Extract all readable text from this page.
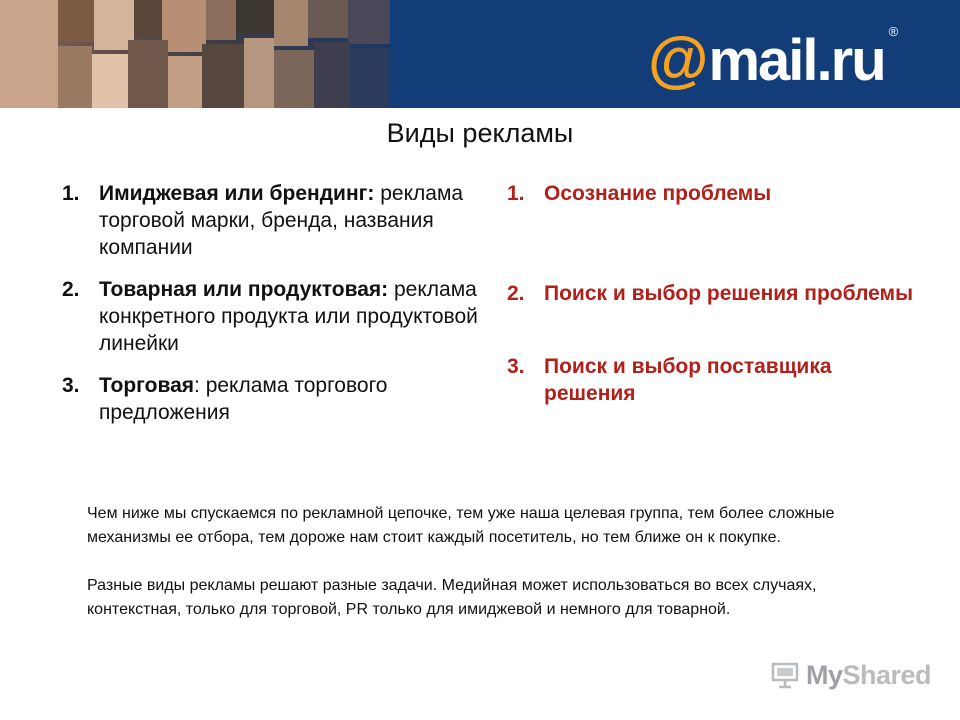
@ mail.ru ®
Виды рекламы
1. Имиджевая или брендинг: реклама торговой марки, бренда, названия компании
2. Товарная или продуктовая: реклама конкретного продукта или продуктовой линейки
3. Торговая: реклама торгового предложения
1. Осознание проблемы
2. Поиск и выбор решения проблемы
3. Поиск и выбор поставщика решения

Чем ниже мы спускаемся по рекламной цепочке, тем уже наша целевая группа, тем более сложные механизмы ее отбора, тем дороже нам стоит каждый посетитель, но тем ближе он к покупке.

Разные виды рекламы решают разные задачи. Медийная может использоваться во всех случаях, контекстная, только для торговой, PR только для имиджевой и немного для товарной.

MyShared
